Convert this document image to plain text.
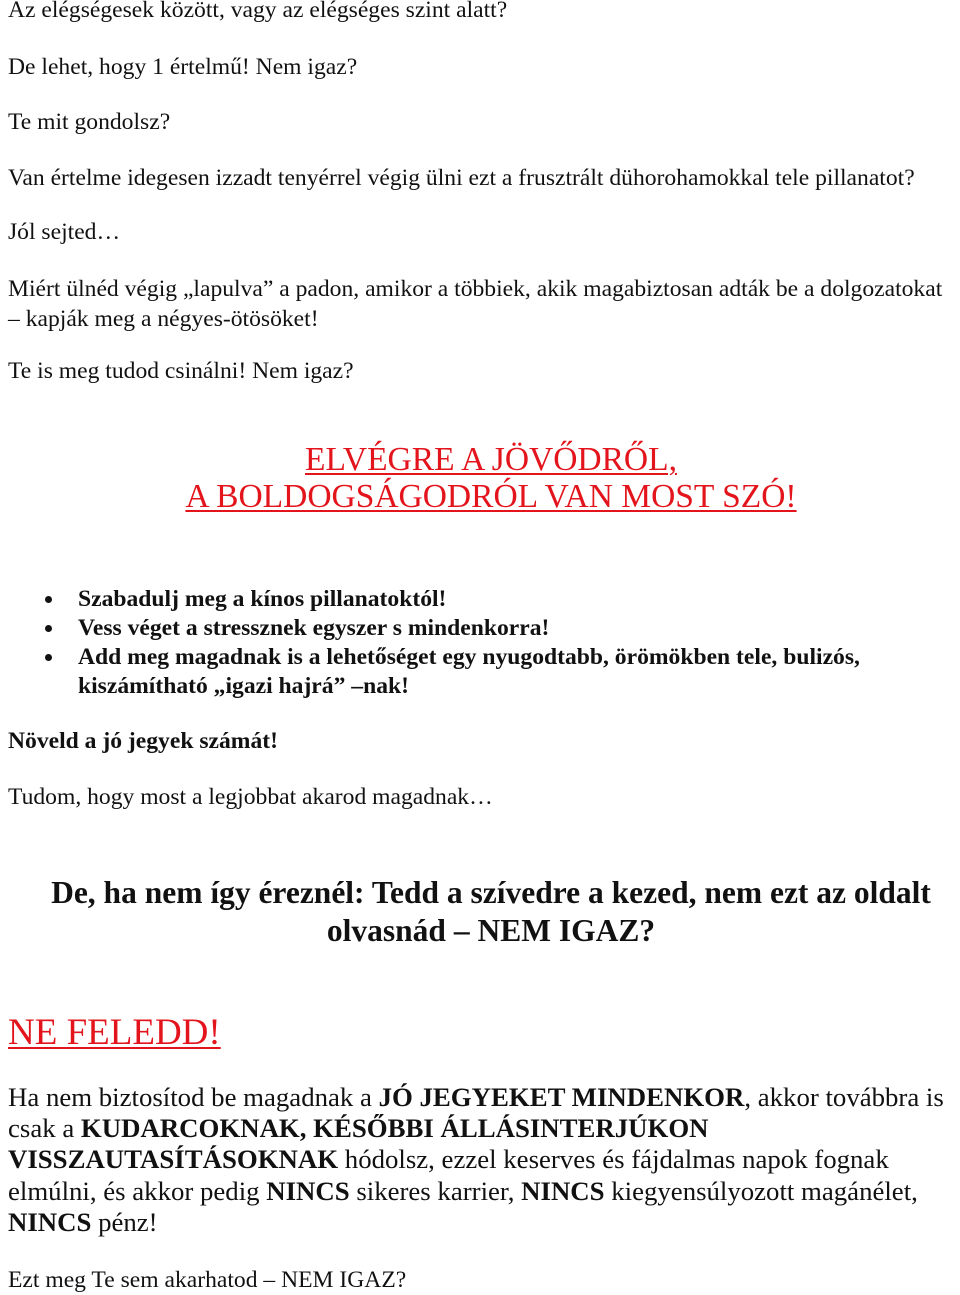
Az elégségesek között, vagy az elégséges szint alatt?

De lehet, hogy 1 értelmű! Nem igaz?

Te mit gondolsz?

Van értelme idegesen izzadt tenyérrel végig ülni ezt a frusztrált dühorohamokkal tele pillanatot?

Jól sejted…

Miért ülnéd végig „lapulva” a padon, amikor a többiek, akik magabiztosan adták be a dolgozatokat
– kapják meg a négyes-ötösöket!

Te is meg tudod csinálni! Nem igaz?

ELVÉGRE A JÖVŐDRŐL,
A BOLDOGSÁGODRÓL VAN MOST SZÓ!
Szabadulj meg a kínos pillanatoktól!
Vess véget a stressznek egyszer s mindenkorra!
Add meg magadnak is a lehetőséget egy nyugodtabb, örömökben tele, bulizós, kiszámítható „igazi hajrá” –nak!

Növeld a jó jegyek számát!

Tudom, hogy most a legjobbat akarod magadnak…

De, ha nem így éreznél: Tedd a szívedre a kezed, nem ezt az oldalt
olvasnád – NEM IGAZ?

NE FELEDD!

Ha nem biztosítod be magadnak a JÓ JEGYEKET MINDENKOR, akkor továbbra is
csak a KUDARCOKNAK, KÉSŐBBI ÁLLÁSINTERJÚKON
VISSZAUTASÍTÁSOKNAK hódolsz, ezzel keserves és fájdalmas napok fognak
elmúlni, és akkor pedig NINCS sikeres karrier, NINCS kiegyensúlyozott magánélet,
NINCS pénz!

Ezt meg Te sem akarhatod – NEM IGAZ?
